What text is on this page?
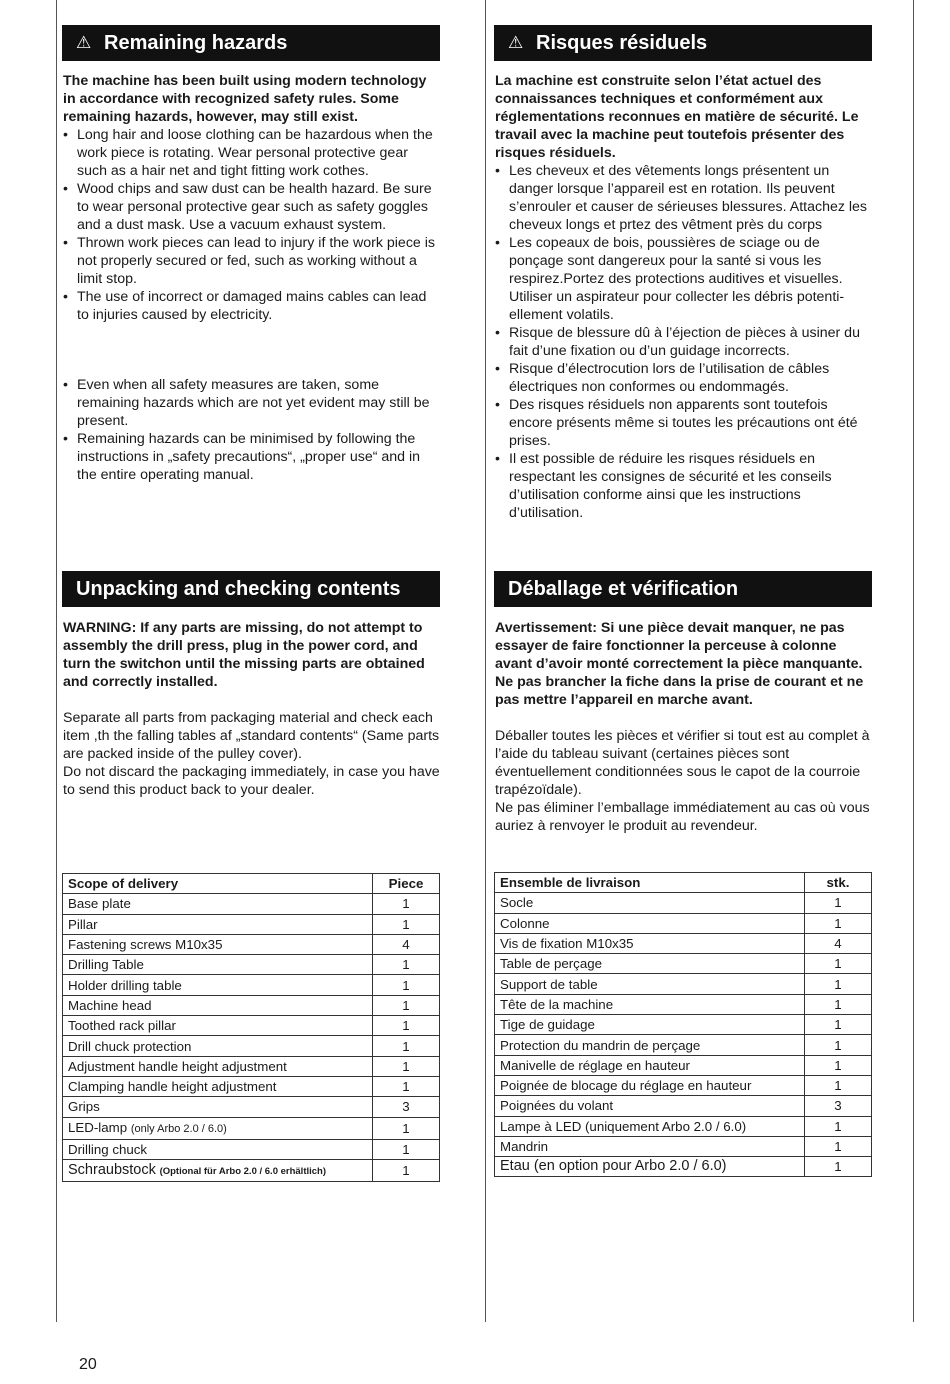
⚠ Remaining hazards

The machine has been built using modern technology in accordance with recognized safety rules. Some remaining hazards, however, may still exist.

• Long hair and loose clothing can be hazardous when the work piece is rotating. Wear personal protective gear such as a hair net and tight fitting work cothes.
• Wood chips and saw dust can be health hazard. Be sure to wear personal protective gear such as safety goggles and a dust mask. Use a vacuum exhaust system.
• Thrown work pieces can lead to injury if the work piece is not properly secured or fed, such as working without a limit stop.
• The use of incorrect or damaged mains cables can lead to injuries caused by electricity.
• Even when all safety measures are taken, some remaining hazards which are not yet evident may still be present.
• Remaining hazards can be minimised by following the instructions in „safety precautions“, „proper use“ and in the entire operating manual.
Unpacking and checking contents

WARNING: If any parts are missing, do not attempt to assembly the drill press, plug in the power cord, and turn the switchon until the missing parts are obtained and correctly installed.

Separate all parts from packaging material and check each item ,th the falling tables af „standard contents“ (Same parts are packed inside of the pulley cover).

Do not discard the packaging immediately, in case you have to send this product back to your dealer.

Scope of delivery	Piece
Base plate	1
Pillar	1
Fastening screws M10x35	4
Drilling Table	1
Holder drilling table	1
Machine head	1
Toothed rack pillar	1
Drill chuck protection	1
Adjustment handle height adjustment	1
Clamping handle height adjustment	1
Grips	3
LED-lamp (only Arbo 2.0 / 6.0)	1
Drilling chuck	1
Schraubstock (Optional für Arbo 2.0 / 6.0 erhältlich)	1
⚠ Risques résiduels

La machine est construite selon l’état actuel des connaissances techniques et conformément aux réglementations reconnues en matière de sécurité. Le travail avec la machine peut toutefois présenter des risques résiduels.

• Les cheveux et des vêtements longs présentent un danger lorsque l’appareil est en rotation. Ils peuvent s’enrouler et causer de sérieuses blessures. Attachez les cheveux longs et prtez des vêtment près du corps
• Les copeaux de bois, poussières de sciage ou de ponçage sont dangereux pour la santé si vous les respirez.Portez des protections auditives et visuelles. Utiliser un aspirateur pour collecter les débris potentiellement volatils.
• Risque de blessure dû à l’éjection de pièces à usiner du fait d’une fixation ou d’un guidage incorrects.
• Risque d’électrocution lors de l’utilisation de câbles électriques non conformes ou endommagés.
• Des risques résiduels non apparents sont toutefois encore présents même si toutes les précautions ont été prises.
• Il est possible de réduire les risques résiduels en respectant les consignes de sécurité et les conseils d’utilisation conforme ainsi que les instructions d’utilisation.
Déballage et vérification

Avertissement: Si une pièce devait manquer, ne pas essayer de faire fonctionner la perceuse à colonne avant d’avoir monté correctement la pièce manquante. Ne pas brancher la fiche dans la prise de courant et ne pas mettre l’appareil en marche avant.

Déballer toutes les pièces et vérifier si tout est au complet à l’aide du tableau suivant (certaines pièces sont éventuellement conditionnées sous le capot de la courroie trapézoïdale).

Ne pas éliminer l’emballage immédiatement au cas où vous auriez à renvoyer le produit au revendeur.

Ensemble de livraison	stk.
Socle	1
Colonne	1
Vis de fixation M10x35	4
Table de perçage	1
Support de table	1
Tête de la machine	1
Tige de guidage	1
Protection du mandrin de perçage	1
Manivelle de réglage en hauteur	1
Poignée de blocage du réglage en hauteur	1
Poignées du volant	3
Lampe à LED (uniquement Arbo 2.0 / 6.0)	1
Mandrin	1
Etau (en option pour Arbo 2.0 / 6.0)	1
20
